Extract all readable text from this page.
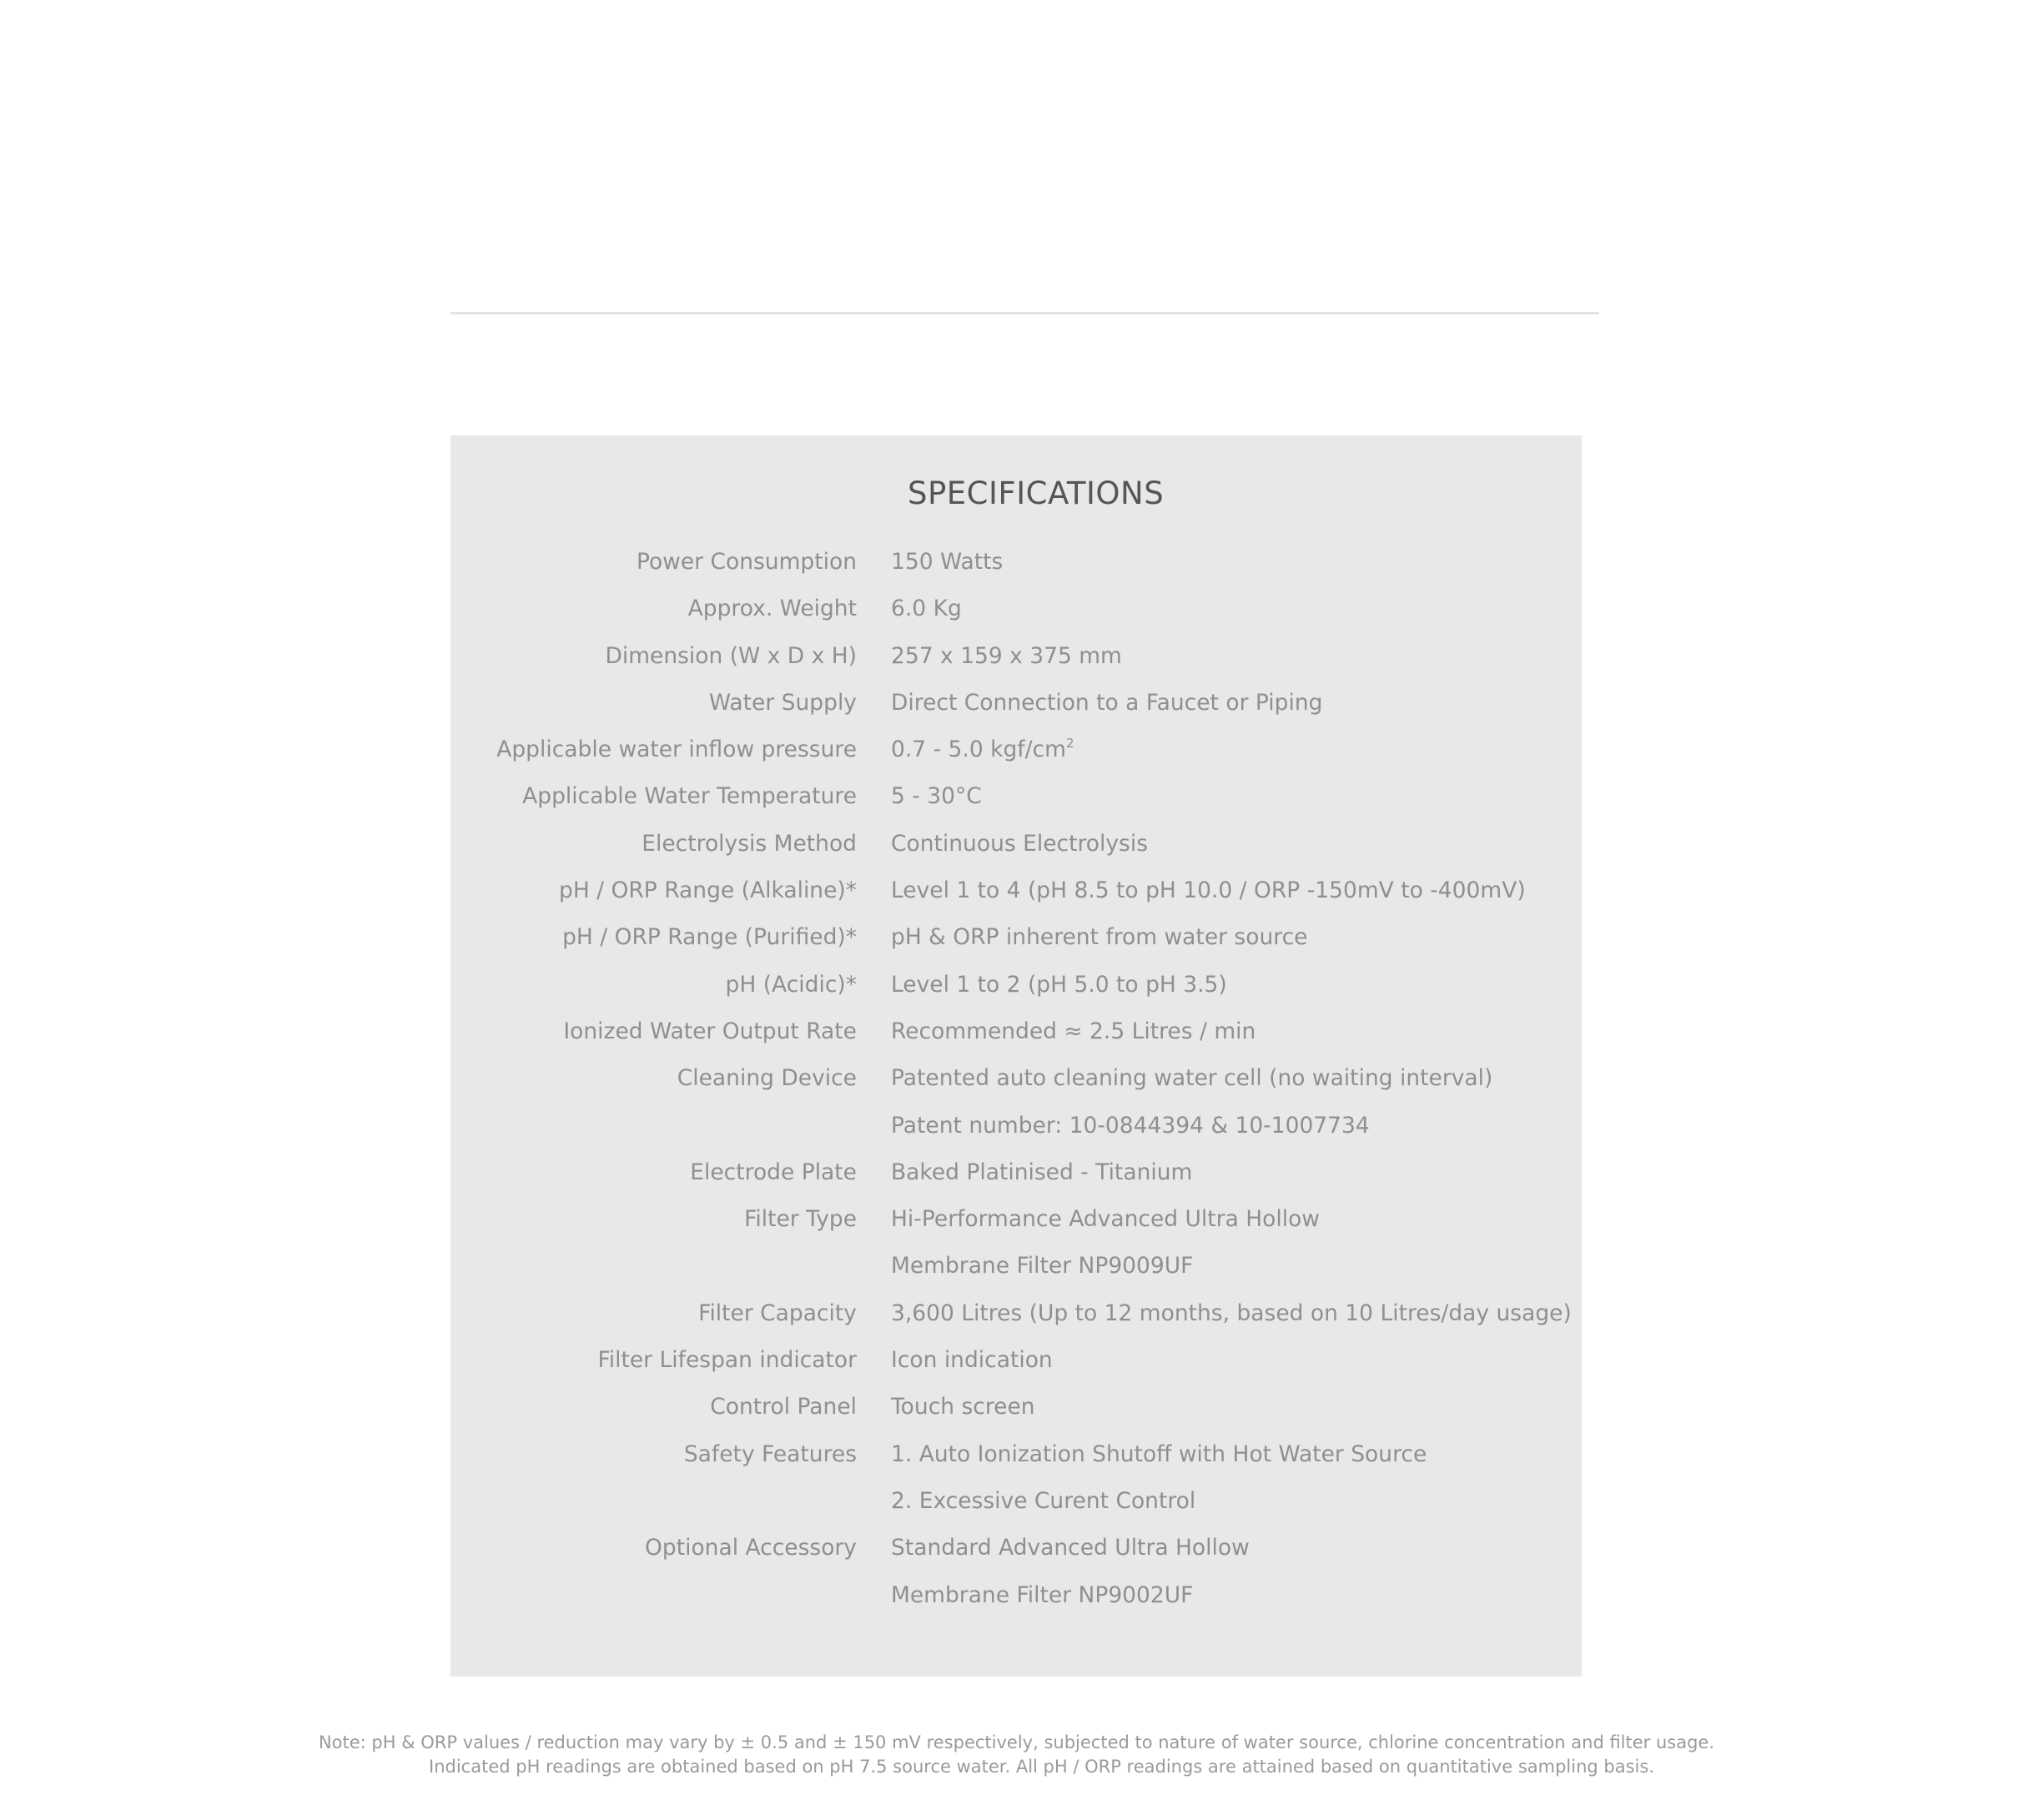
SPECIFICATIONS
Power Consumption 150 Watts
Approx. Weight 6.0 Kg
Dimension (W x D x H) 257 x 159 x 375 mm
Water Supply Direct Connection to a Faucet or Piping
Applicable water inflow pressure 0.7 - 5.0 kgf/$cm^2$
Applicable Water Temperature 5 - 30°C
Electrolysis Method Continuous Electrolysis
pH / ORP Range (Alkaline)* Level 1 to 4 (pH 8.5 to pH 10.0 / ORP -150mV to -400mV)
pH / ORP Range (Purified)* pH & ORP inherent from water source
pH (Acidic)* Level 1 to 2 (pH 5.0 to pH 3.5)
Ionized Water Output Rate Recommended ≈ 2.5 Litres / min
Cleaning Device Patented auto cleaning water cell (no waiting interval)
Patent number: 10-0844394 & 10-1007734
Electrode Plate Baked Platinised - Titanium
Filter Type Hi-Performance Advanced Ultra Hollow
Membrane Filter NP9009UF
Filter Capacity 3,600 Litres (Up to 12 months, based on 10 Litres/day usage)
Filter Lifespan indicator Icon indication
Control Panel Touch screen
Safety Features 1. Auto Ionization Shutoff with Hot Water Source
2. Excessive Curent Control
Optional Accessory Standard Advanced Ultra Hollow
Membrane Filter NP9002UF
Note: pH & ORP values / reduction may vary by ± 0.5 and ± 150 mV respectively, subjected to nature of water source, chlorine concentration and filter usage.
Indicated pH readings are obtained based on pH 7.5 source water. All pH / ORP readings are attained based on quantitative sampling basis.
